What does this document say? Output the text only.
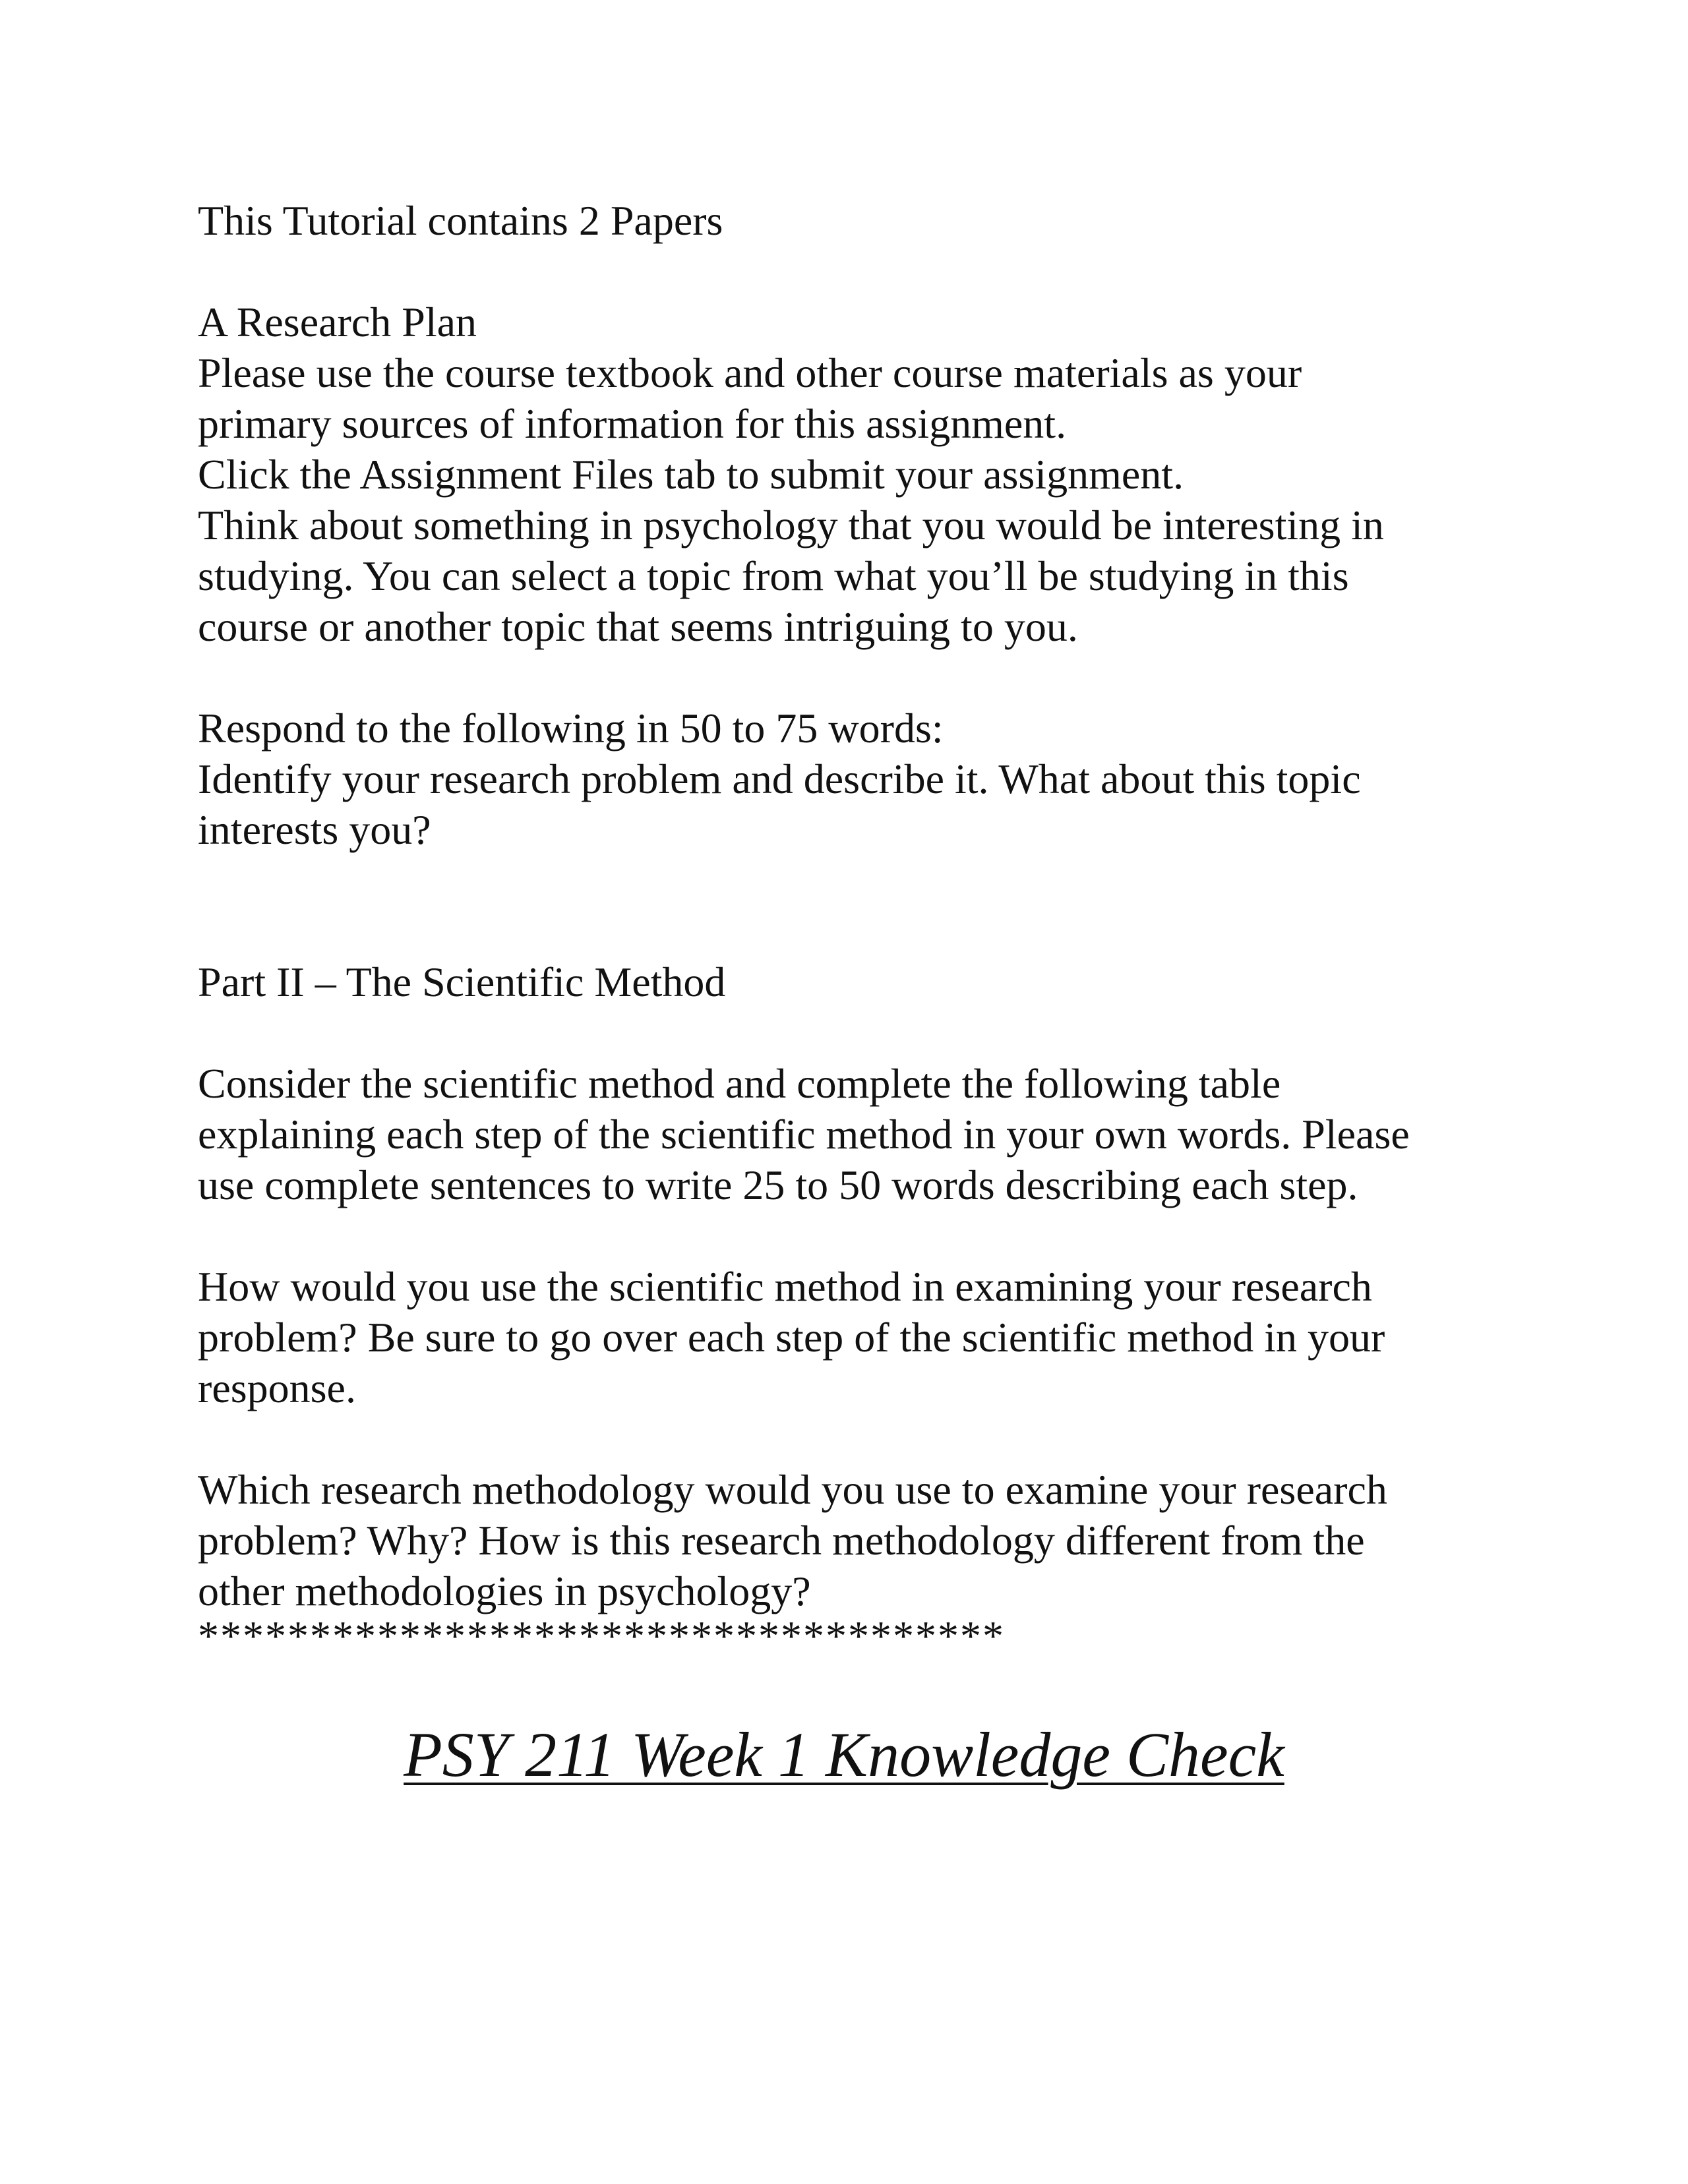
This Tutorial contains 2 Papers
A Research Plan
Please use the course textbook and other course materials as your
primary sources of information for this assignment.
Click the Assignment Files tab to submit your assignment.
Think about something in psychology that you would be interesting in
studying. You can select a topic from what you’ll be studying in this
course or another topic that seems intriguing to you.
Respond to the following in 50 to 75 words:
Identify your research problem and describe it. What about this topic
interests you?
Part II – The Scientific Method
Consider the scientific method and complete the following table
explaining each step of the scientific method in your own words. Please
use complete sentences to write 25 to 50 words describing each step.
How would you use the scientific method in examining your research
problem? Be sure to go over each step of the scientific method in your
response.
Which research methodology would you use to examine your research
problem? Why? How is this research methodology different from the
other methodologies in psychology?
************************************
PSY 211 Week 1 Knowledge Check
